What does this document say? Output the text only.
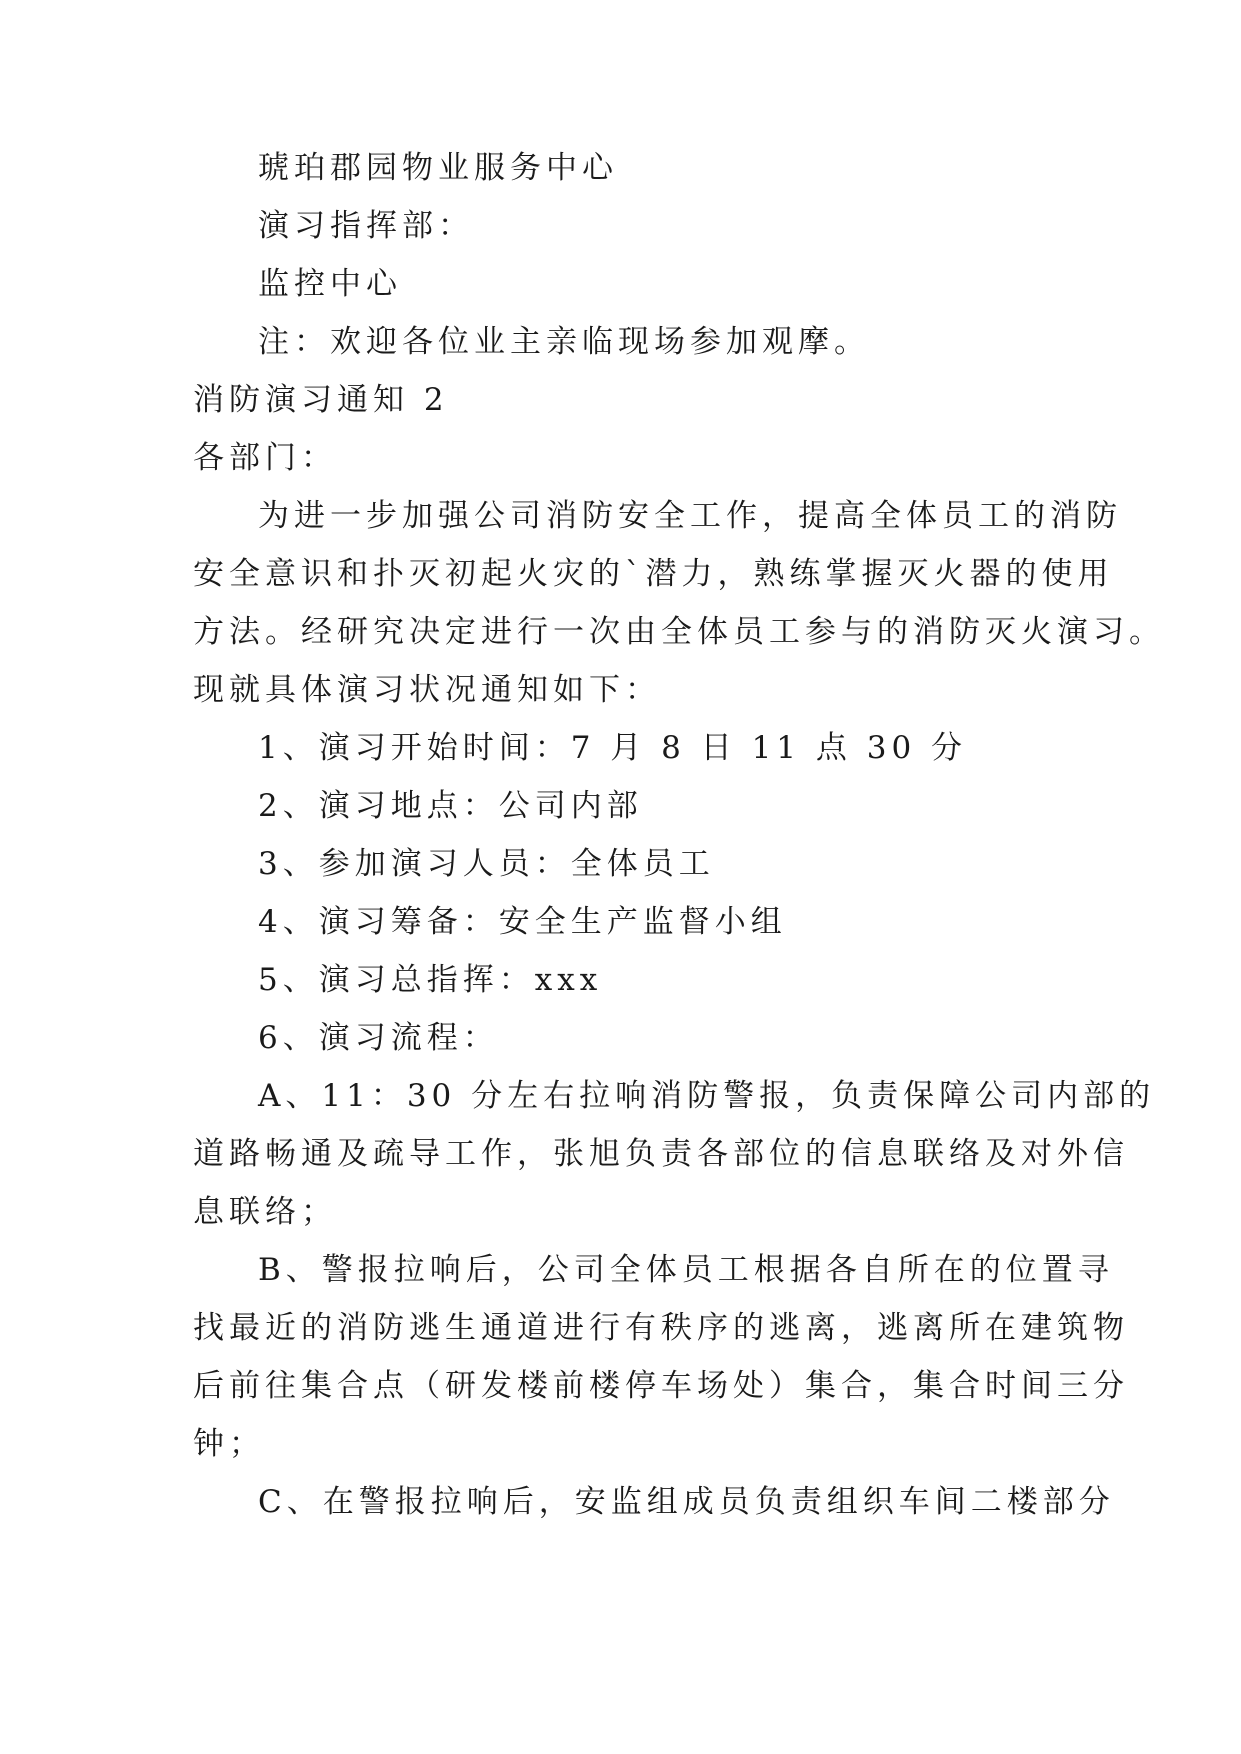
琥珀郡园物业服务中心
演习指挥部：
监控中心
注：欢迎各位业主亲临现场参加观摩。
消防演习通知 2
各部门：
为进一步加强公司消防安全工作，提高全体员工的消防
安全意识和扑灭初起火灾的`潜力，熟练掌握灭火器的使用
方法。经研究决定进行一次由全体员工参与的消防灭火演习。
现就具体演习状况通知如下：
1、演习开始时间：7 月 8 日 11 点 30 分
2、演习地点：公司内部
3、参加演习人员：全体员工
4、演习筹备：安全生产监督小组
5、演习总指挥：xxx
6、演习流程：
A、11：30 分左右拉响消防警报，负责保障公司内部的
道路畅通及疏导工作，张旭负责各部位的信息联络及对外信
息联络；
B、警报拉响后，公司全体员工根据各自所在的位置寻
找最近的消防逃生通道进行有秩序的逃离，逃离所在建筑物
后前往集合点（研发楼前楼停车场处）集合，集合时间三分
钟；
C、在警报拉响后，安监组成员负责组织车间二楼部分
